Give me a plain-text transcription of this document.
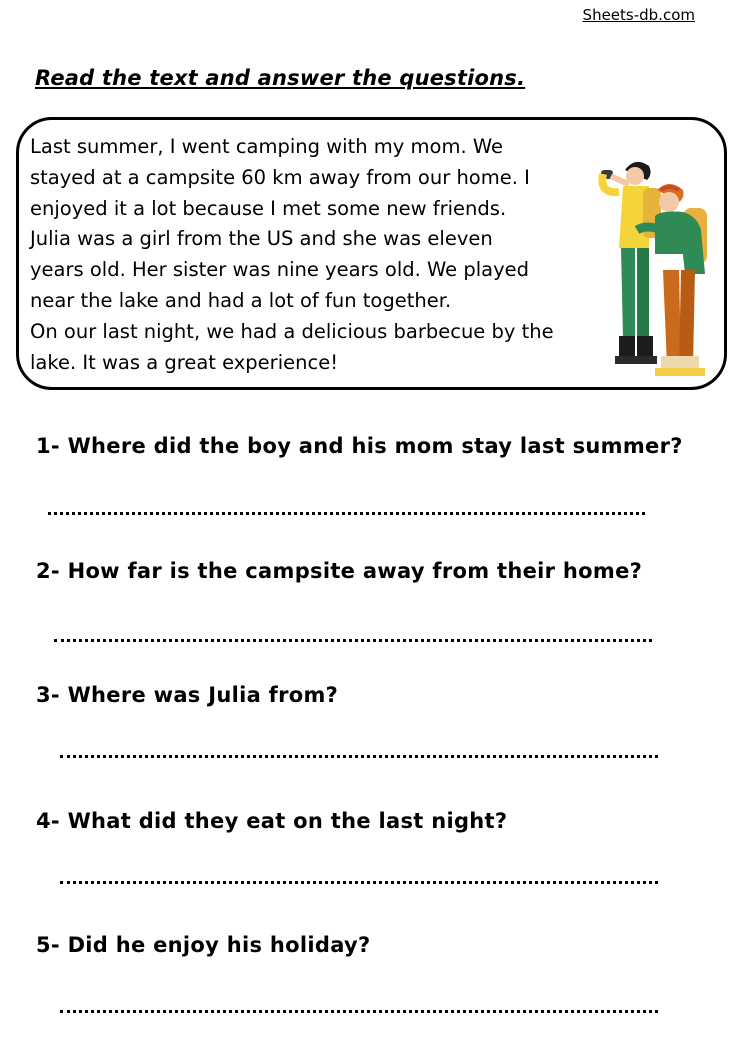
Sheets-db.com
Read the text and answer the questions.
Last summer, I went camping with my mom. We
stayed at a campsite 60 km away from our home. I
enjoyed it a lot because I met some new friends.
Julia was a girl from the US and she was eleven
years old. Her sister was nine years old. We played
near the lake and had a lot of fun together.
On our last night, we had a delicious barbecue by the
lake. It was a great experience!
1- Where did the boy and his mom stay last summer?
2- How far is the campsite away from their home?
3- Where was Julia from?
4- What did they eat on the last night?
5- Did he enjoy his holiday?
